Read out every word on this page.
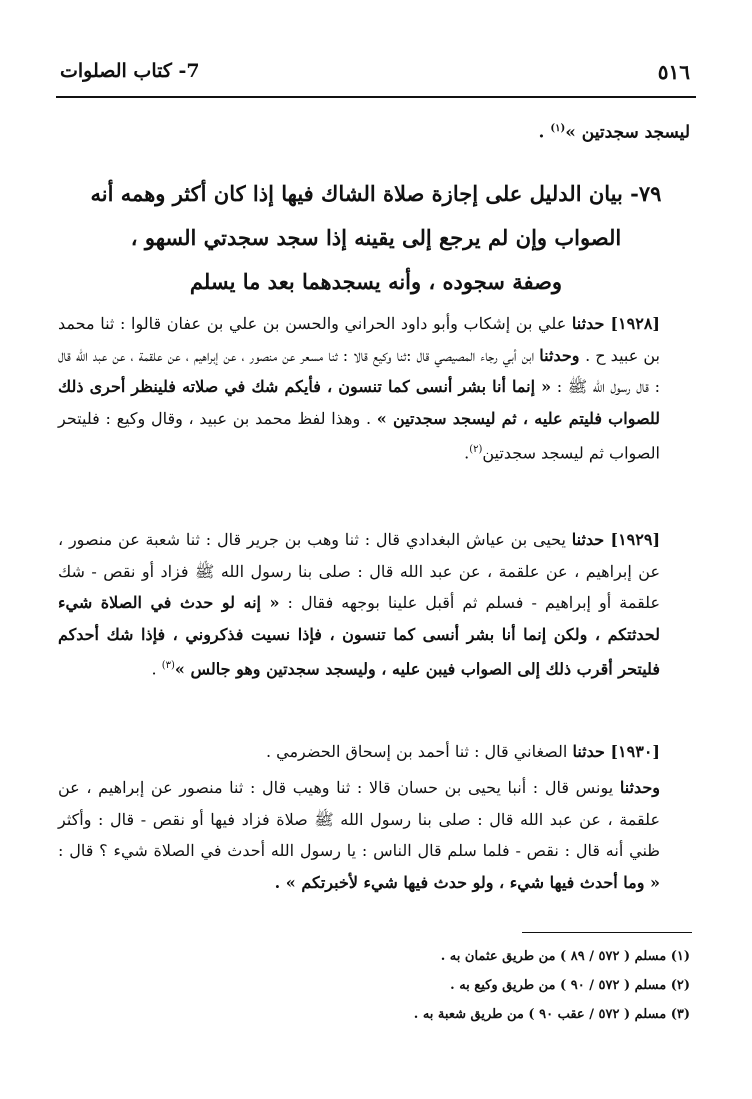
٥١٦
7- كتاب الصلوات
ليسجد سجدتين »$^{(١)}$ .
٧٩- بيان الدليل على إجازة صلاة الشاك فيها إذا كان أكثر وهمه أنه
الصواب وإن لم يرجع إلى يقينه إذا سجد سجدتي السهو ،
وصفة سجوده ، وأنه يسجدهما بعد ما يسلم

[١٩٢٨] حدثنا علي بن إشكاب وأبو داود الحراني والحسن بن علي بن عفان قالوا : ثنا محمد بن عبيد ح . وحدثنا ابن أبي رجاء المصيصي قال :ثنا وكيع قالا : ثنا مسعر عن منصور ، عن إبراهيم ، عن علقمة ، عن عبد الله قال : قال رسول الله ﷺ : « إنما أنا بشر أنسى كما تنسون ، فأيكم شك في صلاته فلينظر أحرى ذلك للصواب فليتم عليه ، ثم ليسجد سجدتين » . وهذا لفظ محمد بن عبيد ، وقال وكيع : فليتحر الصواب ثم ليسجد سجدتين$^{(٢)}$.

[١٩٢٩] حدثنا يحيى بن عياش البغدادي قال : ثنا وهب بن جرير قال : ثنا شعبة عن منصور ، عن إبراهيم ، عن علقمة ، عن عبد الله قال : صلى بنا رسول الله ﷺ فزاد أو نقص - شك علقمة أو إبراهيم - فسلم ثم أقبل علينا بوجهه فقال : « إنه لو حدث في الصلاة شيء لحدثتكم ، ولكن إنما أنا بشر أنسى كما تنسون ، فإذا نسيت فذكروني ، فإذا شك أحدكم فليتحر أقرب ذلك إلى الصواب فيبن عليه ، وليسجد سجدتين وهو جالس »$^{(٣)}$ .

[١٩٣٠] حدثنا الصغاني قال : ثنا أحمد بن إسحاق الحضرمي .

وحدثنا يونس قال : أنبا يحيى بن حسان قالا : ثنا وهيب قال : ثنا منصور عن إبراهيم ، عن علقمة ، عن عبد الله قال : صلى بنا رسول الله ﷺ صلاة فزاد فيها أو نقص - قال : وأكثر ظني أنه قال : نقص - فلما سلم قال الناس : يا رسول الله أحدث في الصلاة شيء ؟ قال : « وما أحدث فيها شيء ، ولو حدث فيها شيء لأخبرتكم » .

(١) مسلم ( ٥٧٢ / ٨٩ ) من طريق عثمان به .
(٢) مسلم ( ٥٧٢ / ٩٠ ) من طريق وكيع به .
(٣) مسلم ( ٥٧٢ / عقب ٩٠ ) من طريق شعبة به .
